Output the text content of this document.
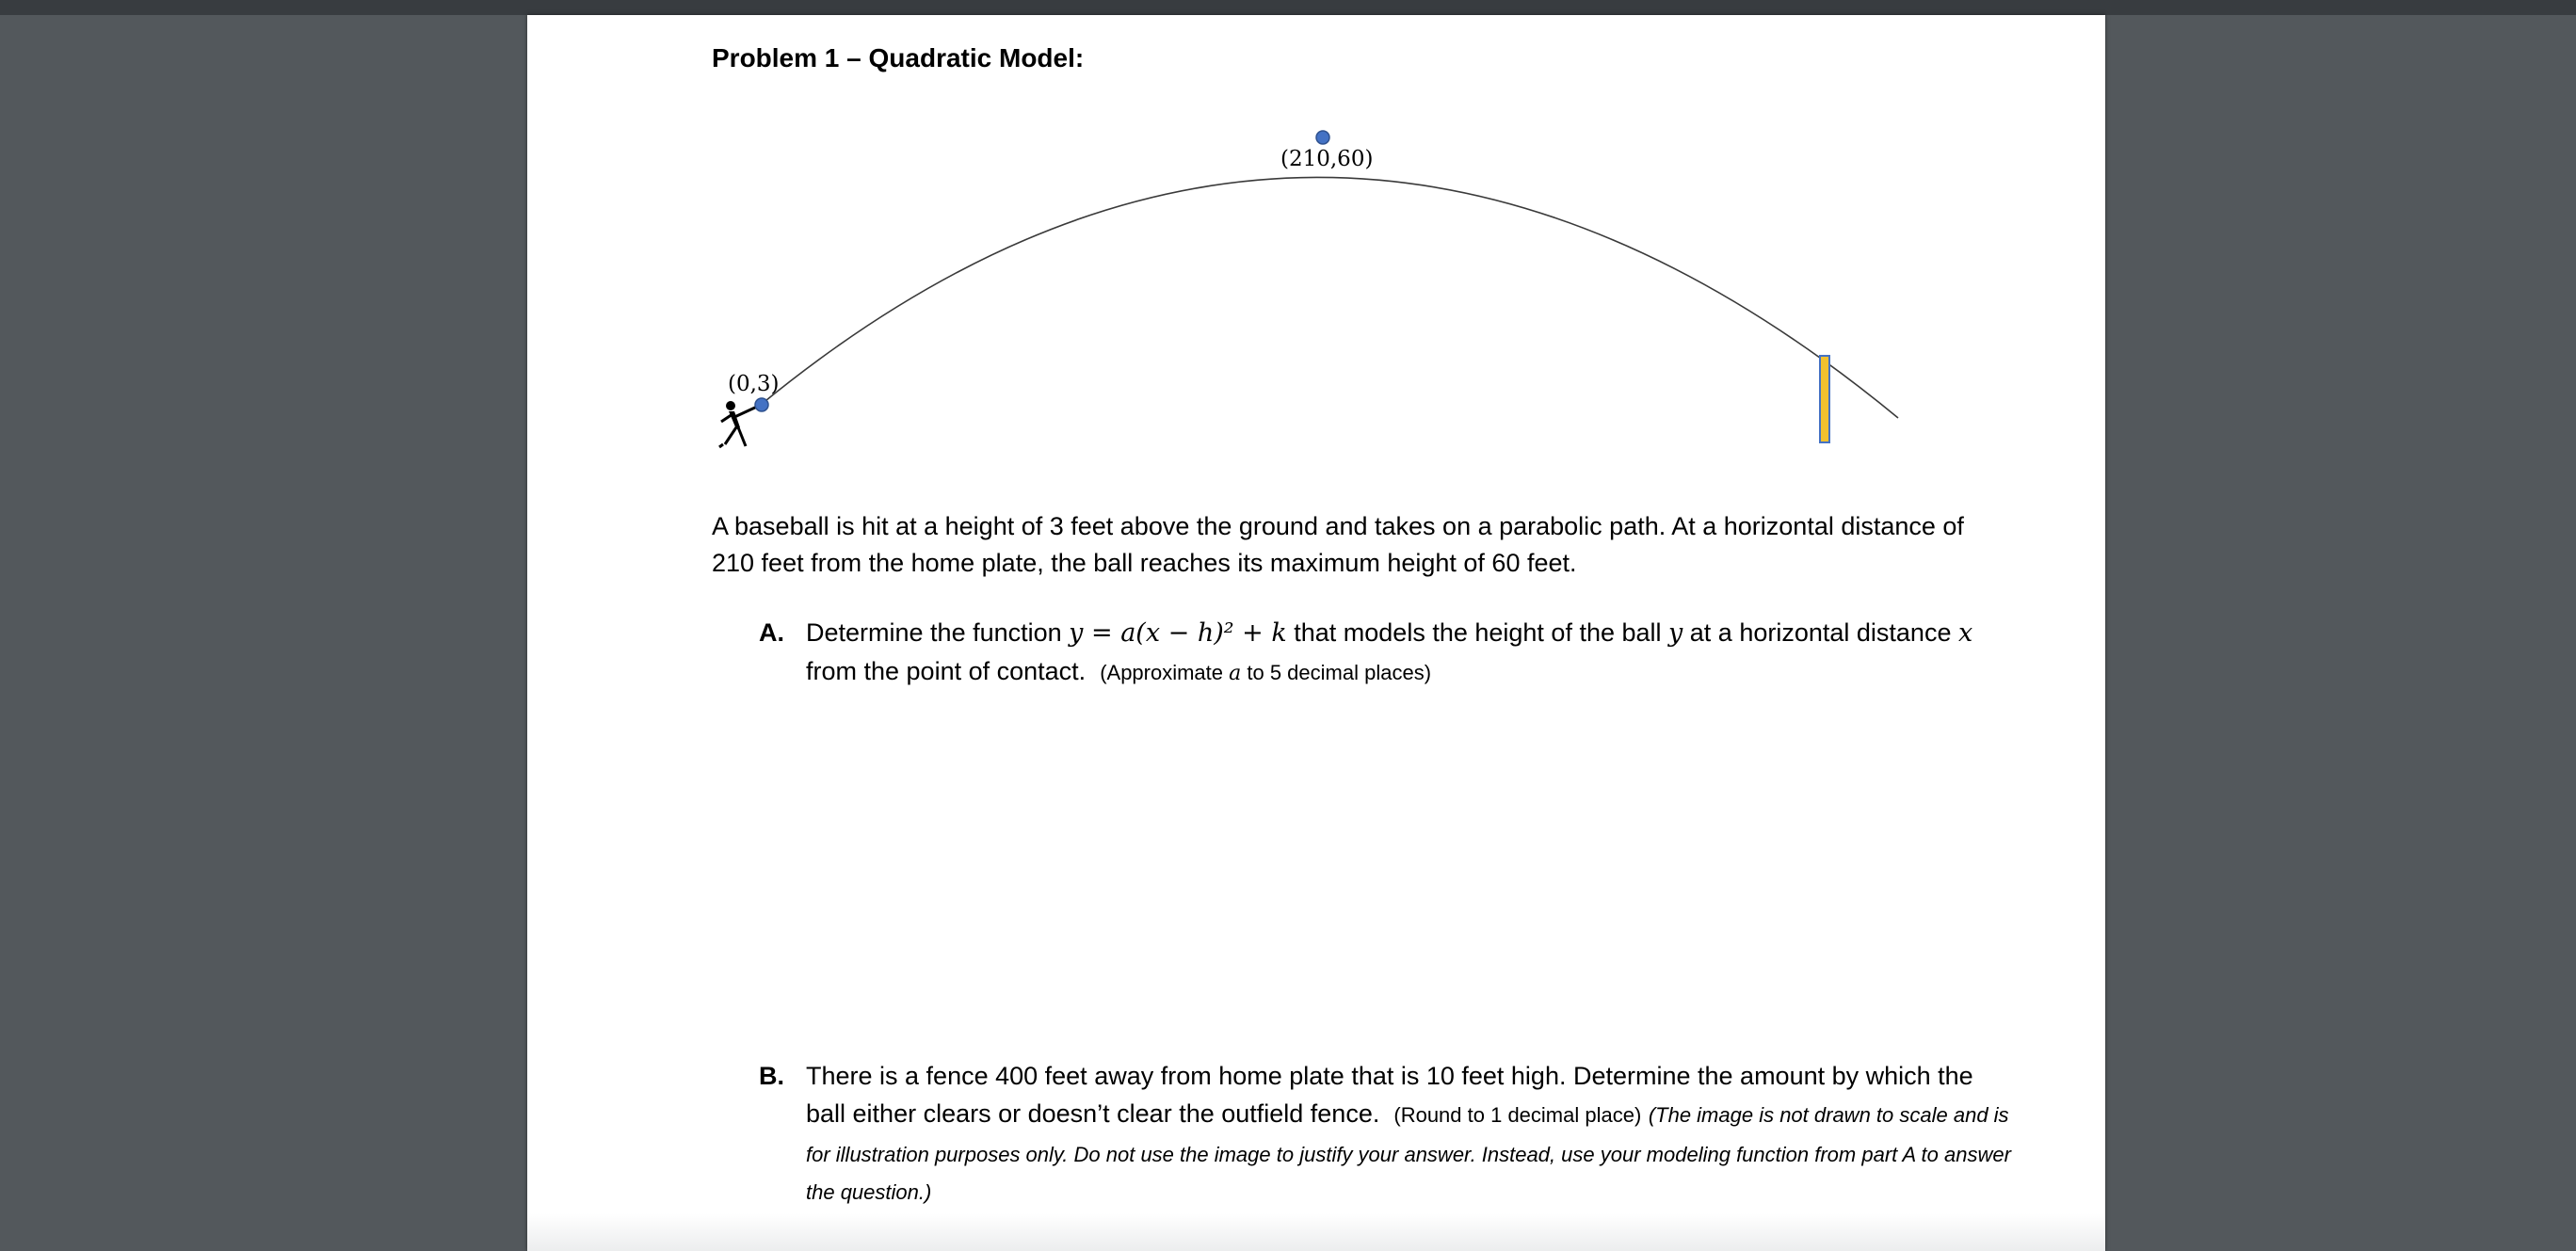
Problem 1 – Quadratic Model:
(0,3)
(210,60)
A baseball is hit at a height of 3 feet above the ground and takes on a parabolic path. At a horizontal distance of 210 feet from the home plate, the ball reaches its maximum height of 60 feet.
A. Determine the function y = a(x − h)² + k that models the height of the ball y at a horizontal distance x from the point of contact. (Approximate a to 5 decimal places)
B. There is a fence 400 feet away from home plate that is 10 feet high. Determine the amount by which the ball either clears or doesn’t clear the outfield fence. (Round to 1 decimal place) (The image is not drawn to scale and is for illustration purposes only. Do not use the image to justify your answer. Instead, use your modeling function from part A to answer the question.)
